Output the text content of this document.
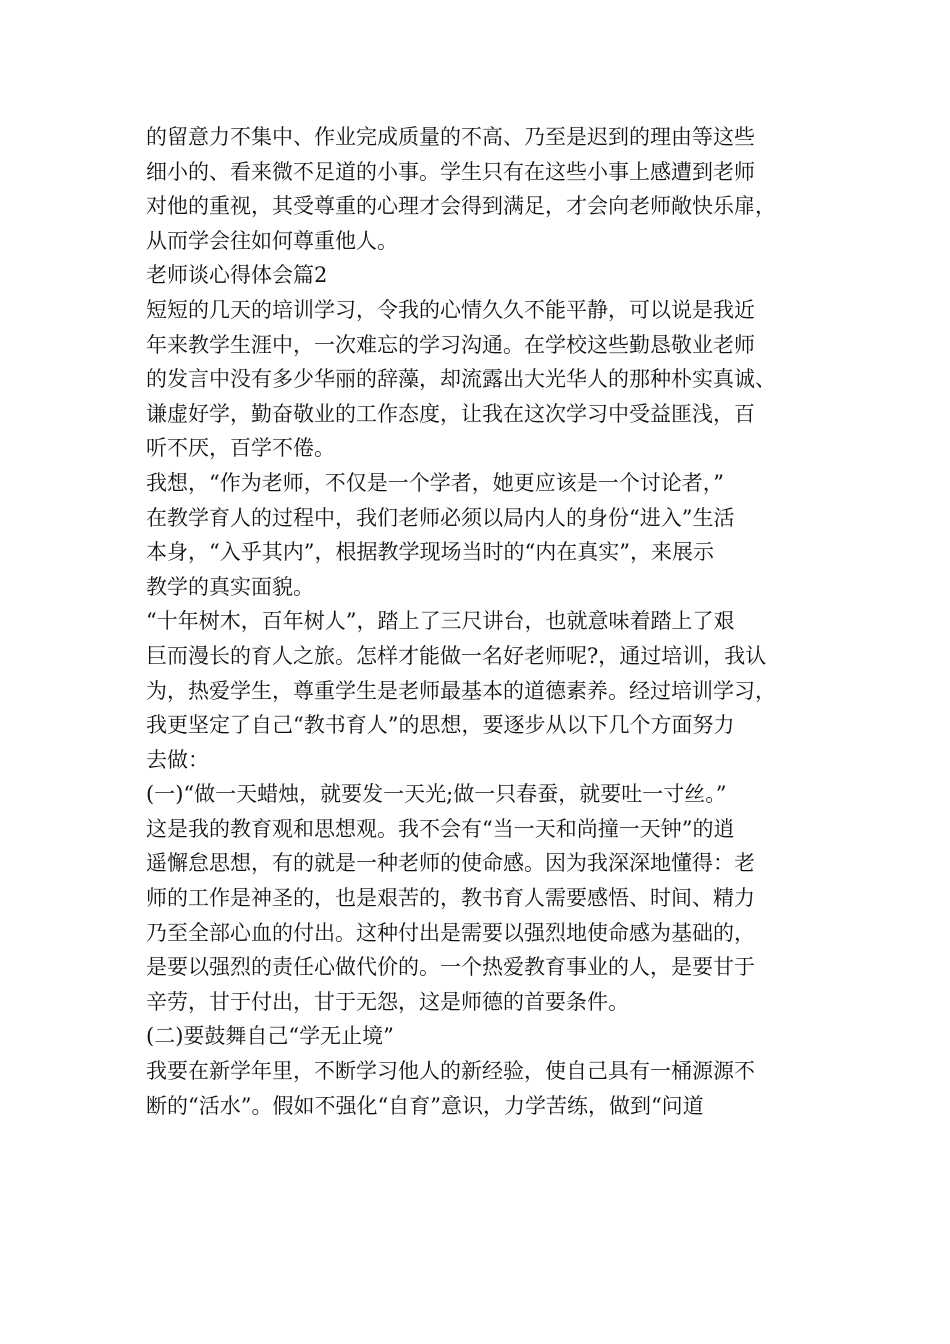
的留意力不集中、作业完成质量的不高、乃至是迟到的理由等这些
细小的、看来微不足道的小事。学生只有在这些小事上感遭到老师
对他的重视，其受尊重的心理才会得到满足，才会向老师敞快乐扉，
从而学会往如何尊重他人。
老师谈心得体会篇2
短短的几天的培训学习，令我的心情久久不能平静，可以说是我近
年来教学生涯中，一次难忘的学习沟通。在学校这些勤恳敬业老师
的发言中没有多少华丽的辞藻，却流露出大光华人的那种朴实真诚、
谦虚好学，勤奋敬业的工作态度，让我在这次学习中受益匪浅，百
听不厌，百学不倦。
我想，“作为老师，不仅是一个学者，她更应该是一个讨论者，”
在教学育人的过程中，我们老师必须以局内人的身份“进入”生活
本身，“入乎其内”，根据教学现场当时的“内在真实”，来展示
教学的真实面貌。
“十年树木，百年树人”，踏上了三尺讲台，也就意味着踏上了艰
巨而漫长的育人之旅。怎样才能做一名好老师呢?，通过培训，我认
为，热爱学生，尊重学生是老师最基本的道德素养。经过培训学习，
我更坚定了自己“教书育人”的思想，要逐步从以下几个方面努力
去做：
(一)“做一天蜡烛，就要发一天光;做一只春蚕，就要吐一寸丝。”
这是我的教育观和思想观。我不会有“当一天和尚撞一天钟”的逍
遥懈怠思想，有的就是一种老师的使命感。因为我深深地懂得：老
师的工作是神圣的，也是艰苦的，教书育人需要感悟、时间、精力
乃至全部心血的付出。这种付出是需要以强烈地使命感为基础的，
是要以强烈的责任心做代价的。一个热爱教育事业的人，是要甘于
辛劳，甘于付出，甘于无怨，这是师德的首要条件。
(二)要鼓舞自己“学无止境”
我要在新学年里，不断学习他人的新经验，使自己具有一桶源源不
断的“活水”。假如不强化“自育”意识，力学苦练，做到“问道
